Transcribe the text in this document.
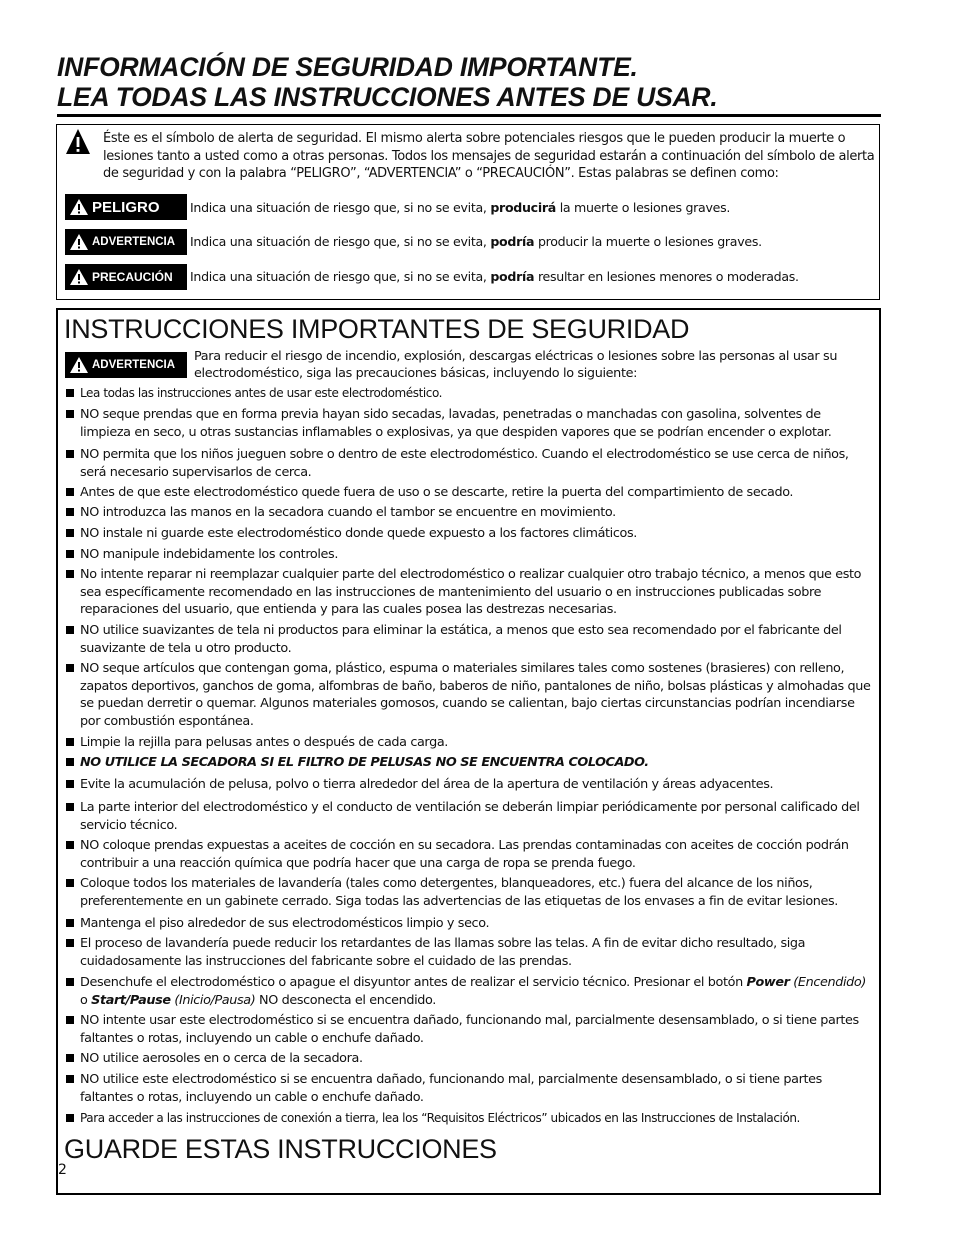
INFORMACIÓN DE SEGURIDAD IMPORTANTE.
LEA TODAS LAS INSTRUCCIONES ANTES DE USAR.
Éste es el símbolo de alerta de seguridad. El mismo alerta sobre potenciales riesgos que le pueden producir la muerte o lesiones tanto a usted como a otras personas. Todos los mensajes de seguridad estarán a continuación del símbolo de alerta de seguridad y con la palabra “PELIGRO”, “ADVERTENCIA” o “PRECAUCIÓN”. Estas palabras se definen como:
PELIGRO Indica una situación de riesgo que, si no se evita, producirá la muerte o lesiones graves.
ADVERTENCIA Indica una situación de riesgo que, si no se evita, podría producir la muerte o lesiones graves.
PRECAUCIÓN Indica una situación de riesgo que, si no se evita, podría resultar en lesiones menores o moderadas.
INSTRUCCIONES IMPORTANTES DE SEGURIDAD
ADVERTENCIA
Para reducir el riesgo de incendio, explosión, descargas eléctricas o lesiones sobre las personas al usar su electrodoméstico, siga las precauciones básicas, incluyendo lo siguiente:
Lea todas las instrucciones antes de usar este electrodoméstico.
NO seque prendas que en forma previa hayan sido secadas, lavadas, penetradas o manchadas con gasolina, solventes de limpieza en seco, u otras sustancias inflamables o explosivas, ya que despiden vapores que se podrían encender o explotar.
NO permita que los niños jueguen sobre o dentro de este electrodoméstico. Cuando el electrodoméstico se use cerca de niños, será necesario supervisarlos de cerca.
Antes de que este electrodoméstico quede fuera de uso o se descarte, retire la puerta del compartimiento de secado.
NO introduzca las manos en la secadora cuando el tambor se encuentre en movimiento.
NO instale ni guarde este electrodoméstico donde quede expuesto a los factores climáticos.
NO manipule indebidamente los controles.
No intente reparar ni reemplazar cualquier parte del electrodoméstico o realizar cualquier otro trabajo técnico, a menos que esto sea específicamente recomendado en las instrucciones de mantenimiento del usuario o en instrucciones publicadas sobre reparaciones del usuario, que entienda y para las cuales posea las destrezas necesarias.
NO utilice suavizantes de tela ni productos para eliminar la estática, a menos que esto sea recomendado por el fabricante del suavizante de tela u otro producto.
NO seque artículos que contengan goma, plástico, espuma o materiales similares tales como sostenes (brasieres) con relleno, zapatos deportivos, ganchos de goma, alfombras de baño, baberos de niño, pantalones de niño, bolsas plásticas y almohadas que se puedan derretir o quemar. Algunos materiales gomosos, cuando se calientan, bajo ciertas circunstancias podrían incendiarse por combustión espontánea.
Limpie la rejilla para pelusas antes o después de cada carga.
NO UTILICE LA SECADORA SI EL FILTRO DE PELUSAS NO SE ENCUENTRA COLOCADO.
Evite la acumulación de pelusa, polvo o tierra alrededor del área de la apertura de ventilación y áreas adyacentes.
La parte interior del electrodoméstico y el conducto de ventilación se deberán limpiar periódicamente por personal calificado del servicio técnico.
NO coloque prendas expuestas a aceites de cocción en su secadora. Las prendas contaminadas con aceites de cocción podrán contribuir a una reacción química que podría hacer que una carga de ropa se prenda fuego.
Coloque todos los materiales de lavandería (tales como detergentes, blanqueadores, etc.) fuera del alcance de los niños, preferentemente en un gabinete cerrado. Siga todas las advertencias de las etiquetas de los envases a fin de evitar lesiones.
Mantenga el piso alrededor de sus electrodomésticos limpio y seco.
El proceso de lavandería puede reducir los retardantes de las llamas sobre las telas. A fin de evitar dicho resultado, siga cuidadosamente las instrucciones del fabricante sobre el cuidado de las prendas.
Desenchufe el electrodoméstico o apague el disyuntor antes de realizar el servicio técnico. Presionar el botón Power (Encendido) o Start/Pause (Inicio/Pausa) NO desconecta el encendido.
NO intente usar este electrodoméstico si se encuentra dañado, funcionando mal, parcialmente desensamblado, o si tiene partes faltantes o rotas, incluyendo un cable o enchufe dañado.
NO utilice aerosoles en o cerca de la secadora.
NO utilice este electrodoméstico si se encuentra dañado, funcionando mal, parcialmente desensamblado, o si tiene partes faltantes o rotas, incluyendo un cable o enchufe dañado.
Para acceder a las instrucciones de conexión a tierra, lea los “Requisitos Eléctricos” ubicados en las Instrucciones de Instalación.
GUARDE ESTAS INSTRUCCIONES
2
